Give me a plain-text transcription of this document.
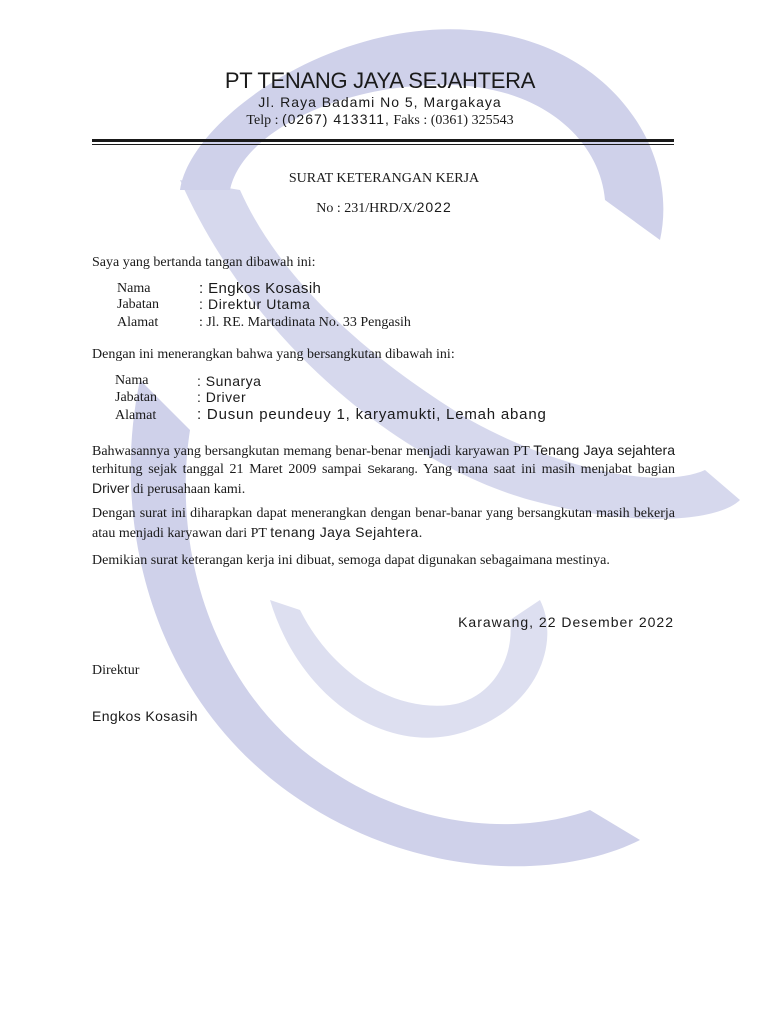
PT TENANG JAYA SEJAHTERA
Jl. Raya Badami No 5, Margakaya
Telp : (0267) 413311, Faks : (0361) 325543
SURAT KETERANGAN KERJA
No : 231/HRD/X/2022
Saya yang bertanda tangan dibawah ini:
Nama	: Engkos Kosasih
Jabatan	: Direktur Utama
Alamat	: Jl. RE. Martadinata No. 33 Pengasih
Dengan ini menerangkan bahwa yang bersangkutan dibawah ini:
Nama	: Sunarya
Jabatan	: Driver
Alamat	: Dusun peundeuy 1, karyamukti, Lemah abang
Bahwasannya yang bersangkutan memang benar-benar menjadi karyawan PT Tenang Jaya sejahtera terhitung sejak tanggal 21 Maret 2009 sampai Sekarang. Yang mana saat ini masih menjabat bagian Driver di perusahaan kami.
Dengan surat ini diharapkan dapat menerangkan dengan benar-banar yang bersangkutan masih bekerja atau menjadi karyawan dari PT tenang Jaya Sejahtera.
Demikian surat keterangan kerja ini dibuat, semoga dapat digunakan sebagaimana mestinya.
Karawang, 22 Desember 2022
Direktur
Engkos Kosasih
